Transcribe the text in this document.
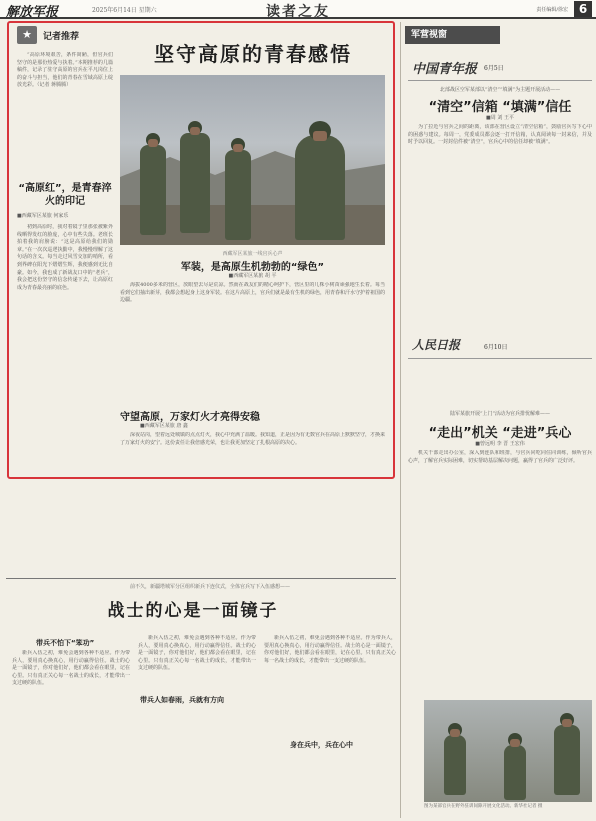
解放军报	2025年6月14日 星期六	读者之友	责任编辑/徐宏 6
★	记者推荐
坚守高原的青春感悟

“高原环境艰苦，条件简陋，但官兵们坚守的是那份热爱与执着。”本期推荐的几篇稿件，记录了驻守高原的官兵在平凡岗位上的奋斗与担当，他们的青春在雪域高原上绽放光彩。（记者 蒋腾腾）

“高原红”，是青春淬火的印记
■西藏军区某旅 何家乐

初到高原时，我对着镜子里那张被紫外线晒得发红的脸庞，心中有些失落。老班长拍着我的肩膀说：“这是高原给我们的勋章。”在一次次巡逻执勤中，我慢慢理解了这句话的含义。每当走过风雪交加的哨所，看到界碑在阳光下熠熠生辉，我便感到无比自豪。如今，我也成了新战友口中的“老兵”，我会把这份坚守的信念传递下去，让高原红成为青春最亮丽的底色。

西藏军区某旅一线官兵心声
军装，是高原生机勃勃的“绿色”
■西藏军区某旅 胡 平

海拔4000多米的营区，放眼望去尽是荒凉。然而在战友们的精心呵护下，营区里的几株小树苗顽强地生长着。每当看到它们抽出新芽，我都会想起身上这身军装。在这片高原上，官兵们就是最有生机的绿色，用青春和汗水守护着祖国的边疆。

守望高原，万家灯火才亮得安稳
■西藏军区某旅 唐 鑫

深夜站岗，望着远处城镇的点点灯火，我心中充满了温暖。我知道，正是因为有无数官兵在高原上默默坚守，才换来了万家灯火的安宁。这份责任让我倍感光荣，也让我更加坚定了扎根高原的决心。

军营视窗
中国青年报 6月5日
北部战区空军某部以“清空”“填满”为主题开展活动——
“清空”信箱 “填满”信任
■周 刘 王平

为了拉近与官兵之间的距离，该部在营区设立“清空信箱”，鼓励官兵写下心中的困惑与建议。每周一，党委成员都会逐一打开信箱，认真阅读每一封来信，并及时予以回复。一封封信件被“清空”，官兵心中的信任却被“填满”。

人民日报	6月10日
陆军某旅开展“上门”活动为官兵排忧解难——
“走出”机关 “走进”兵心
■曾远明 李 晋 王宏伟

机关干部走出办公室，深入到连队和班排，与官兵同吃同住同训练，倾听官兵心声，了解官兵实际困难，切实帮助基层解决问题，赢得了官兵的广泛好评。

图为某部官兵在野外驻训间隙开展文化活动。新华社记者 摄
前不久，新疆塔城军分区组织新兵下连仪式，全体官兵写下入伍感想——
战士的心是一面镜子
带兵不怕下“笨功”

新兵入伍之初，难免会遇到各种不适应。作为带兵人，要用真心换真心，用行动赢得信任。战士的心是一面镜子，你对他们好，他们都会看在眼里，记在心里。只有真正关心每一名战士的成长，才能带出一支过硬的队伍。

带兵人如春雨，兵就有方向

新兵入伍之初，难免会遇到各种不适应。作为带兵人，要用真心换真心，用行动赢得信任。战士的心是一面镜子，你对他们好，他们都会看在眼里，记在心里。只有真正关心每一名战士的成长，才能带出一支过硬的队伍。

身在兵中，兵在心中

新兵入伍之初，难免会遇到各种不适应。作为带兵人，要用真心换真心，用行动赢得信任。战士的心是一面镜子，你对他们好，他们都会看在眼里，记在心里。只有真正关心每一名战士的成长，才能带出一支过硬的队伍。
